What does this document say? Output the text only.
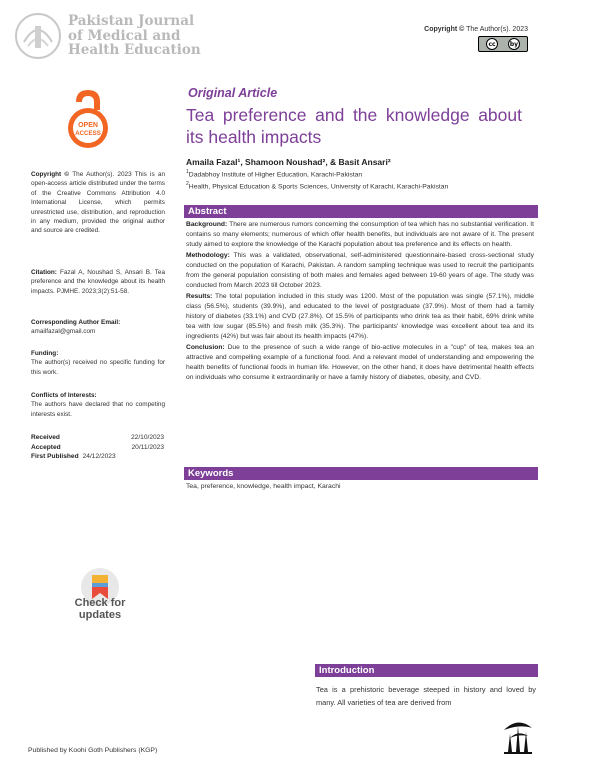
Pakistan Journal
of Medical and
Health Education
Copyright © The Author(s). 2023
cc	by
OPEN
ACCESS
Original Article
Tea preference and the knowledge about its health impacts
Amaila Fazal¹, Shamoon Noushad², & Basit Ansari²
$^1$Dadabhoy Institute of Higher Education, Karachi-Pakistan
$^2$Health, Physical Education & Sports Sciences, University of Karachi, Karachi-Pakistan
Copyright © The Author(s). 2023 This is an open-access article distributed under the terms of the Creative Commons Attribution 4.0 International License, which permits unrestricted use, distribution, and reproduction in any medium, provided the original author and source are credited.
Citation: Fazal A, Noushad S, Ansari B. Tea preference and the knowledge about its health impacts. PJMHE. 2023;3(2):51-58.
Corresponding Author Email:
amailfazal@gmail.com
Funding:
The author(s) received no specific funding for this work.
Conflicts of Interests:
The authors have declared that no competing interests exist.
Received	22/10/2023
Accepted	20/11/2023
First Published 24/12/2023
Abstract

Background: There are numerous rumors concerning the consumption of tea which has no substantial verification. It contains so many elements; numerous of which offer health benefits, but individuals are not aware of it. The present study aimed to explore the knowledge of the Karachi population about tea preference and its effects on health.

Methodology: This was a validated, observational, self-administered questionnaire-based cross-sectional study conducted on the population of Karachi, Pakistan. A random sampling technique was used to recruit the participants from the general population consisting of both males and females aged between 19-60 years of age. The study was conducted from March 2023 till October 2023.

Results: The total population included in this study was 1200. Most of the population was single (57.1%), middle class (56.5%), students (39.9%), and educated to the level of postgraduate (37.9%). Most of them had a family history of diabetes (33.1%) and CVD (27.8%). Of 15.5% of participants who drink tea as their habit, 69% drink white tea with low sugar (85.5%) and fresh milk (35.3%). The participants' knowledge was excellent about tea and its ingredients (42%) but was fair about its health impacts (47%).

Conclusion: Due to the presence of such a wide range of bio-active molecules in a "cup" of tea, makes tea an attractive and compelling example of a functional food. And a relevant model of understanding and empowering the health benefits of functional foods in human life. However, on the other hand, it does have detrimental health effects on individuals who consume it extraordinarily or have a family history of diabetes, obesity, and CVD.

Keywords
Tea, preference, knowledge, health impact, Karachi
Check for
updates
Introduction
Tea is a prehistoric beverage steeped in history and loved by many. All varieties of tea are derived from
Published by Koohi Goth Publishers (KGP)
